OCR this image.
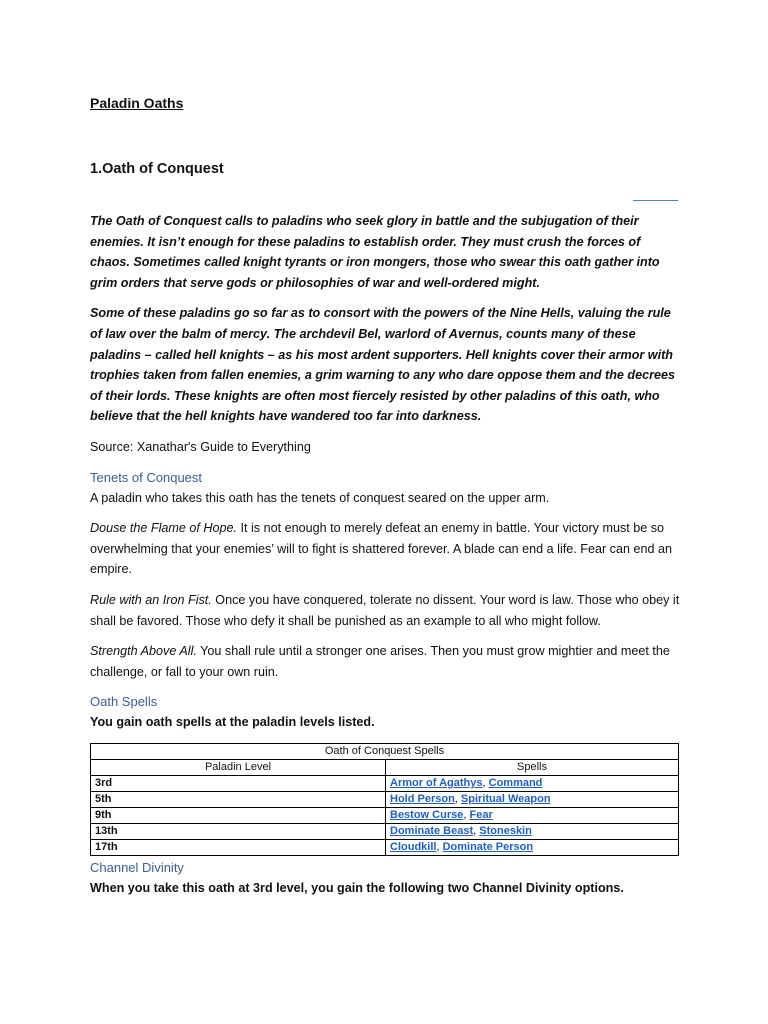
Paladin Oaths
1.Oath of Conquest

The Oath of Conquest calls to paladins who seek glory in battle and the subjugation of their enemies. It isn’t enough for these paladins to establish order. They must crush the forces of chaos. Sometimes called knight tyrants or iron mongers, those who swear this oath gather into grim orders that serve gods or philosophies of war and well-ordered might.

Some of these paladins go so far as to consort with the powers of the Nine Hells, valuing the rule of law over the balm of mercy. The archdevil Bel, warlord of Avernus, counts many of these paladins – called hell knights – as his most ardent supporters. Hell knights cover their armor with trophies taken from fallen enemies, a grim warning to any who dare oppose them and the decrees of their lords. These knights are often most fiercely resisted by other paladins of this oath, who believe that the hell knights have wandered too far into darkness.

Source: Xanathar's Guide to Everything

Tenets of Conquest

A paladin who takes this oath has the tenets of conquest seared on the upper arm.

Douse the Flame of Hope. It is not enough to merely defeat an enemy in battle. Your victory must be so overwhelming that your enemies’ will to fight is shattered forever. A blade can end a life. Fear can end an empire.

Rule with an Iron Fist. Once you have conquered, tolerate no dissent. Your word is law. Those who obey it shall be favored. Those who defy it shall be punished as an example to all who might follow.

Strength Above All. You shall rule until a stronger one arises. Then you must grow mightier and meet the challenge, or fall to your own ruin.

Oath Spells

You gain oath spells at the paladin levels listed.

Oath of Conquest Spells	
Paladin Level	Spells
3rd	Armor of Agathys, Command
5th	Hold Person, Spiritual Weapon
9th	Bestow Curse, Fear
13th	Dominate Beast, Stoneskin
17th	Cloudkill, Dominate Person
Channel Divinity

When you take this oath at 3rd level, you gain the following two Channel Divinity options.
